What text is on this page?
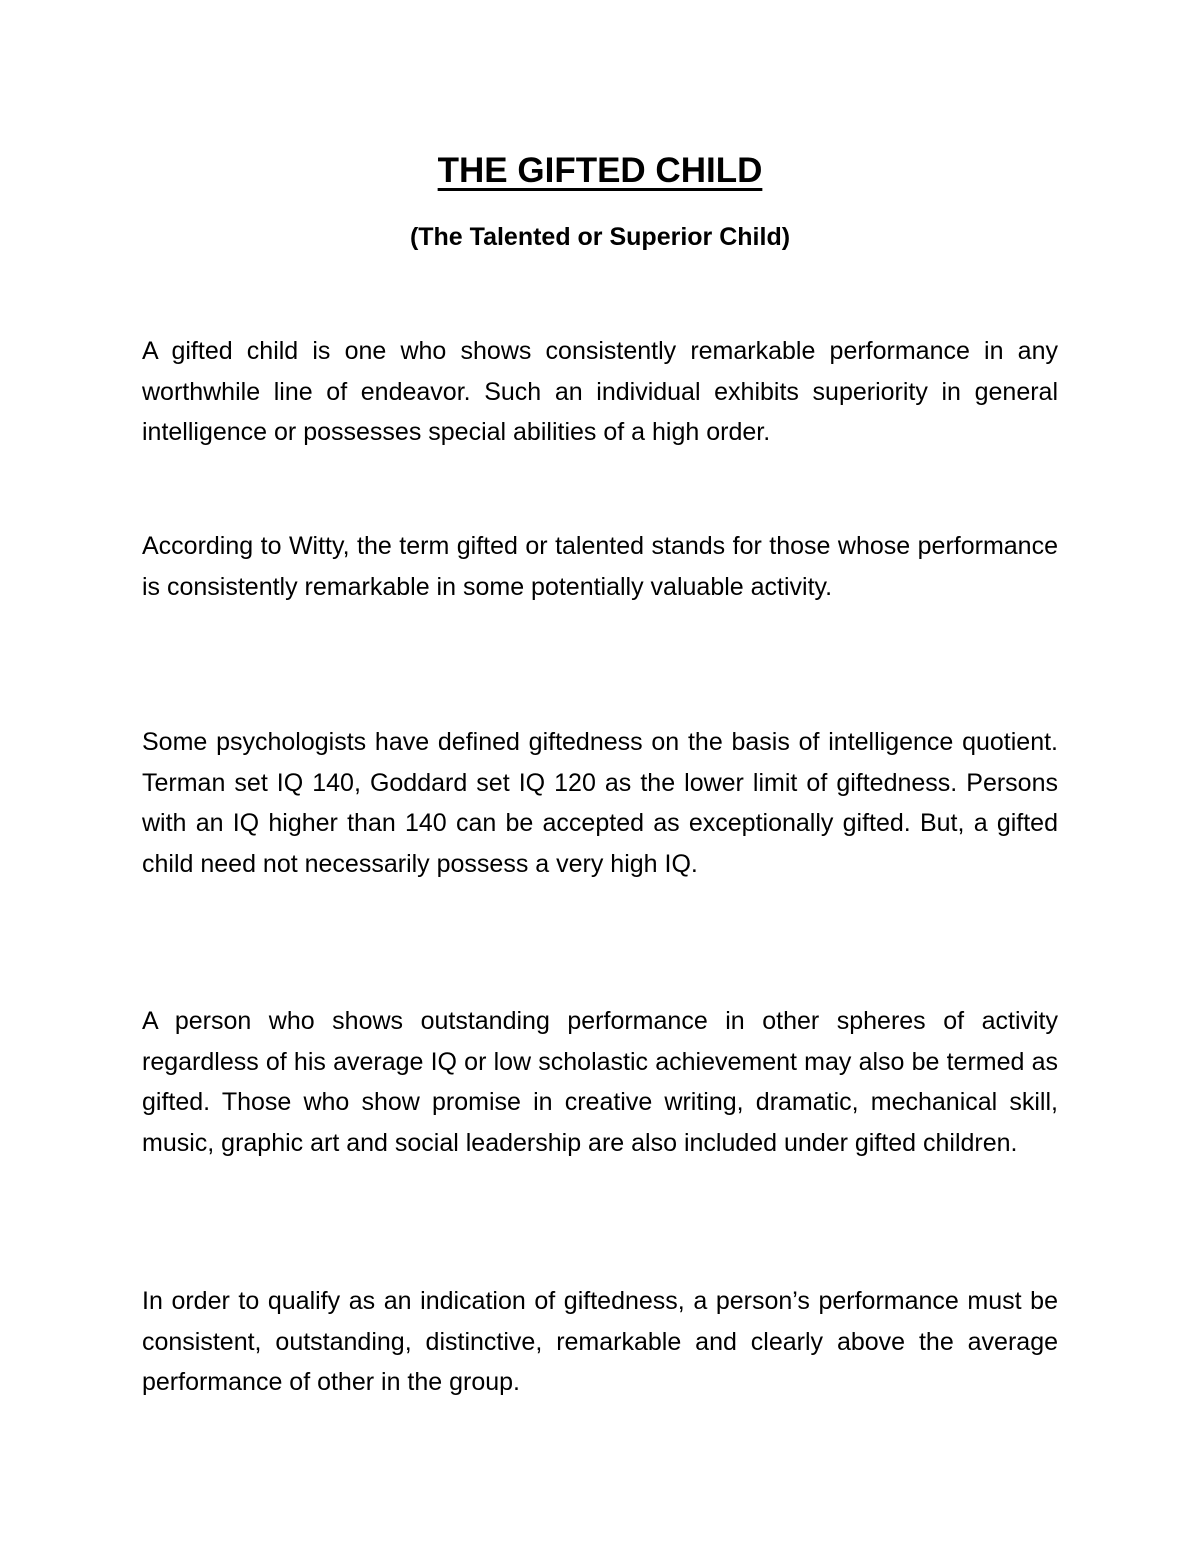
THE GIFTED CHILD
(The Talented or Superior Child)

A gifted child is one who shows consistently remarkable performance in any worthwhile line of endeavor. Such an individual exhibits superiority in general intelligence or possesses special abilities of a high order.

According to Witty, the term gifted or talented stands for those whose performance is consistently remarkable in some potentially valuable activity.

Some psychologists have defined giftedness on the basis of intelligence quotient. Terman set IQ 140, Goddard set IQ 120 as the lower limit of giftedness. Persons with an IQ higher than 140 can be accepted as exceptionally gifted. But, a gifted child need not necessarily possess a very high IQ.

A person who shows outstanding performance in other spheres of activity regardless of his average IQ or low scholastic achievement may also be termed as gifted. Those who show promise in creative writing, dramatic, mechanical skill, music, graphic art and social leadership are also included under gifted children.

In order to qualify as an indication of giftedness, a person’s performance must be consistent, outstanding, distinctive, remarkable and clearly above the average performance of other in the group.
